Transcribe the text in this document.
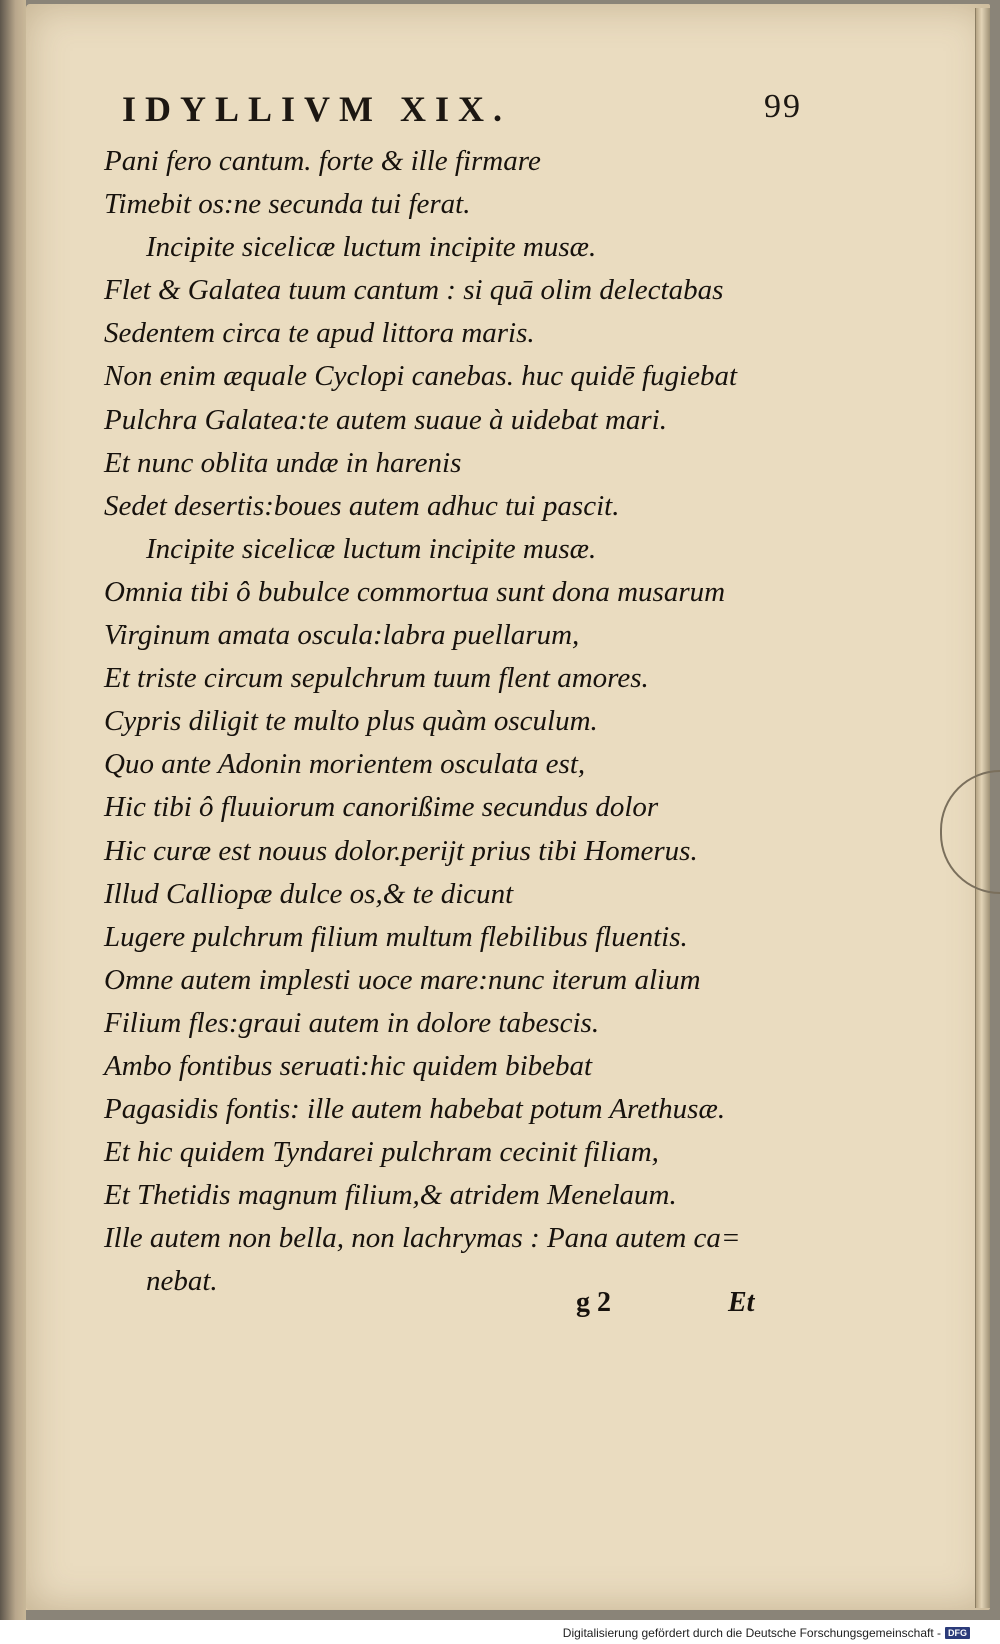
IDYLLIVM XIX.	99
Pani fero cantum. forte & ille firmare
Timebit os:ne secunda tui ferat.
Incipite sicelicæ luctum incipite musæ.
Flet & Galatea tuum cantum : si quā olim delectabas
Sedentem circa te apud littora maris.
Non enim æquale Cyclopi canebas. huc quidē fugiebat
Pulchra Galatea:te autem suaue à uidebat mari.
Et nunc oblita undæ in harenis
Sedet desertis:boues autem adhuc tui pascit.
Incipite sicelicæ luctum incipite musæ.
Omnia tibi ô bubulce commortua sunt dona musarum
Virginum amata oscula:labra puellarum,
Et triste circum sepulchrum tuum flent amores.
Cypris diligit te multo plus quàm osculum.
Quo ante Adonin morientem osculata est,
Hic tibi ô fluuiorum canorißime secundus dolor
Hic curæ est nouus dolor.perijt prius tibi Homerus.
Illud Calliopæ dulce os,& te dicunt
Lugere pulchrum filium multum flebilibus fluentis.
Omne autem implesti uoce mare:nunc iterum alium
Filium fles:graui autem in dolore tabescis.
Ambo fontibus seruati:hic quidem bibebat
Pagasidis fontis: ille autem habebat potum Arethusæ.
Et hic quidem Tyndarei pulchram cecinit filiam,
Et Thetidis magnum filium,& atridem Menelaum.
Ille autem non bella, non lachrymas : Pana autem ca=
nebat.
g 2	Et
Digitalisierung gefördert durch die Deutsche Forschungsgemeinschaft - DFG
